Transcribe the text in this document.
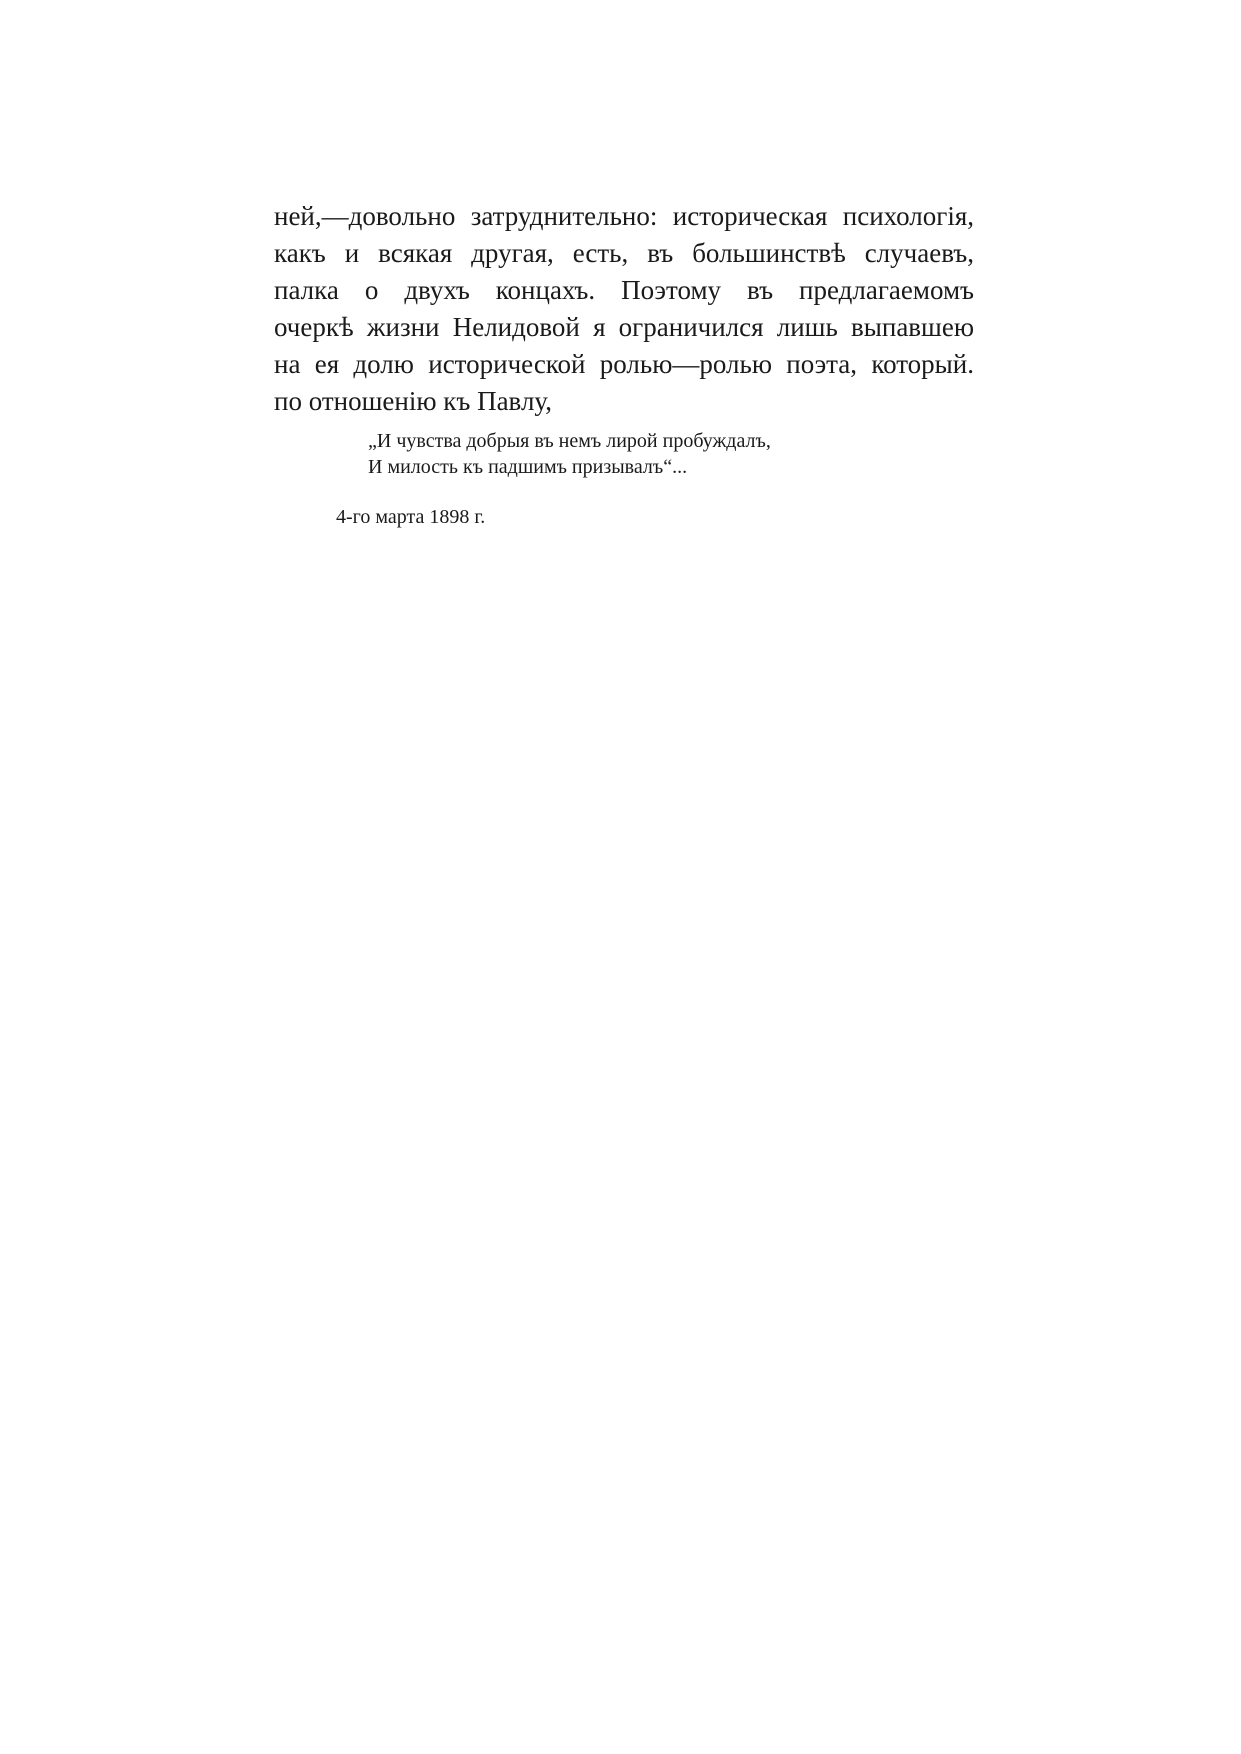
ней,—довольно затруднительно: историческая психологія,
какъ и всякая другая, есть, въ большинствѣ случаевъ,
палка о двухъ концахъ. Поэтому въ предлагаемомъ
очеркѣ жизни Нелидовой я ограничился лишь выпавшею
на ея долю исторической ролью—ролью поэта, который.
по отношенію къ Павлу,
„И чувства добрыя въ немъ лирой пробуждалъ,
И милость къ падшимъ призывалъ“...
4-го марта 1898 г.
